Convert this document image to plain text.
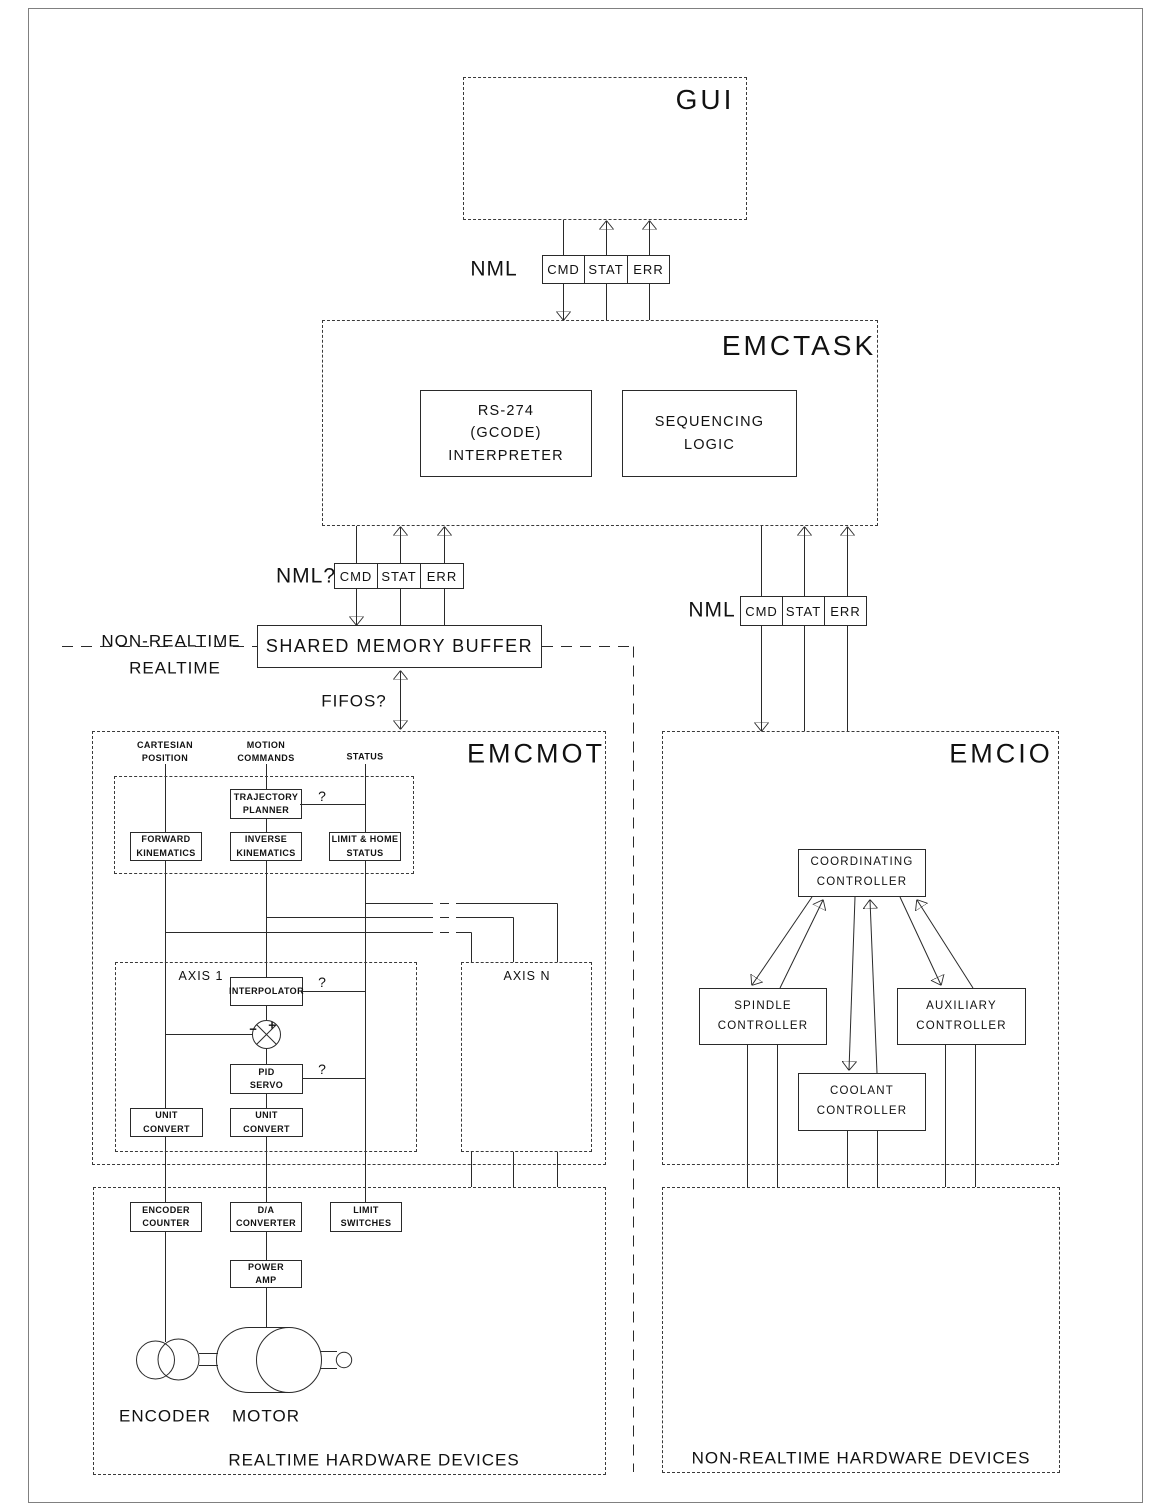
GUI
NML	CMD STAT ERR
EMCTASK
RS-274
(GCODE)
INTERPRETER
SEQUENCING
LOGIC
NML? CMD STAT ERR
NML CMD STAT ERR
SHARED MEMORY BUFFER
NON-REALTIME
REALTIME
FIFOS?
EMCMOT
CARTESIAN
POSITION
MOTION
COMMANDS	STATUS
TRAJECTORY
PLANNER
?
FORWARD
KINEMATICS
INVERSE
KINEMATICS
LIMIT & HOME
STATUS
AXIS 1
INTERPOLATOR
?
+
−
PID
SERVO
?
UNIT
CONVERT
UNIT
CONVERT
AXIS N
EMCIO
COORDINATING
CONTROLLER
SPINDLE
CONTROLLER
AUXILIARY
CONTROLLER
COOLANT
CONTROLLER
ENCODER
COUNTER
D/A
CONVERTER
LIMIT
SWITCHES
POWER
AMP
ENCODER MOTOR
REALTIME HARDWARE DEVICES	NON-REALTIME HARDWARE DEVICES
